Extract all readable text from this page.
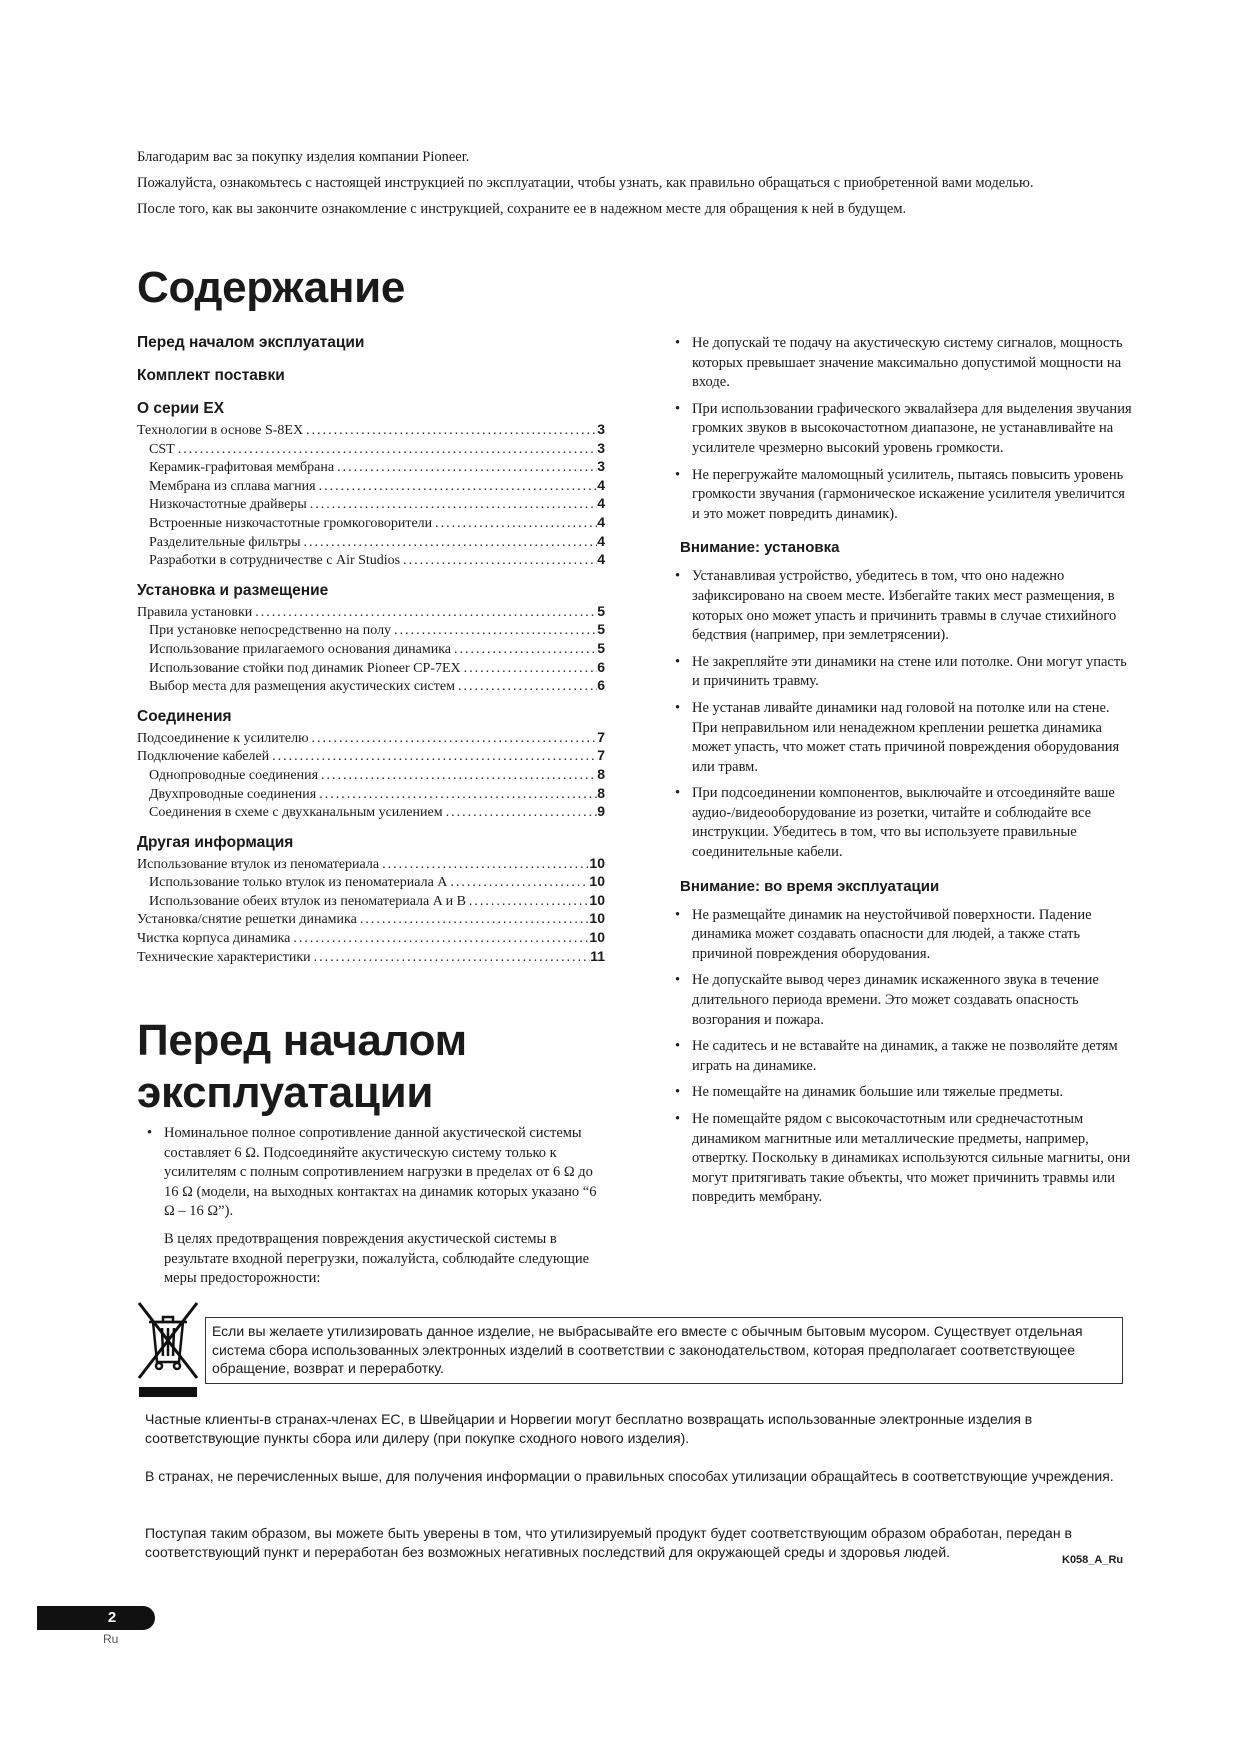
Благодарим вас за покупку изделия компании Pioneer.

Пожалуйста, ознакомьтесь с настоящей инструкцией по эксплуатации, чтобы узнать, как правильно обращаться с приобретенной вами моделью.

После того, как вы закончите ознакомление с инструкцией, сохраните ее в надежном месте для обращения к ней в будущем.

Содержание
Перед началом эксплуатации
Комплект поставки
О серии EX
Технологии в основе S-8EX .....	3
CST .....	3
Керамик-графитовая мембрана .....	3
Мембрана из сплава магния .....	4
Низкочастотные драйверы .....	4
Встроенные низкочастотные громкоговорители .....	4
Разделительные фильтры .....	4
Разработки в сотрудничестве с Air Studios .....	4
Установка и размещение
Правила установки .....	5
При установке непосредственно на полу .....	5
Использование прилагаемого основания динамика .....	5
Использование стойки под динамик Pioneer CP-7EX .....	6
Выбор места для размещения акустических систем .....	6
Соединения
Подсоединение к усилителю .....	7
Подключение кабелей .....	7
Однопроводные соединения .....	8
Двухпроводные соединения .....	8
Соединения в схеме с двухканальным усилением .....	9
Другая информация
Использование втулок из пеноматериала .....	10
Использование только втулок из пеноматериала A .....	10
Использование обеих втулок из пеноматериала A и B .....	10
Установка/снятие решетки динамика .....	10
Чистка корпуса динамика .....	10
Технические характеристики .....	11
Перед началом
эксплуатации
• Номинальное полное сопротивление данной акустической системы составляет 6 Ω. Подсоединяйте акустическую систему только к усилителям с полным сопротивлением нагрузки в пределах от 6 Ω до 16 Ω (модели, на выходных контактах на динамик которых указано “6 Ω – 16 Ω”).

В целях предотвращения повреждения акустической системы в результате входной перегрузки, пожалуйста, соблюдайте следующие меры предосторожности:

• Не допускай те подачу на акустическую систему сигналов, мощность которых превышает значение максимально допустимой мощности на входе.
• При использовании графического эквалайзера для выделения звучания громких звуков в высокочастотном диапазоне, не устанавливайте на усилителе чрезмерно высокий уровень громкости.
• Не перегружайте маломощный усилитель, пытаясь повысить уровень громкости звучания (гармоническое искажение усилителя увеличится и это может повредить динамик).
Внимание: установка
• Устанавливая устройство, убедитесь в том, что оно надежно зафиксировано на своем месте. Избегайте таких мест размещения, в которых оно может упасть и причинить травмы в случае стихийного бедствия (например, при землетрясении).
• Не закрепляйте эти динамики на стене или потолке. Они могут упасть и причинить травму.
• Не устанав ливайте динамики над головой на потолке или на стене. При неправильном или ненадежном креплении решетка динамика может упасть, что может стать причиной повреждения оборудования или травм.
• При подсоединении компонентов, выключайте и отсоединяйте ваше аудио-/видеооборудование из розетки, читайте и соблюдайте все инструкции. Убедитесь в том, что вы используете правильные соединительные кабели.
Внимание: во время эксплуатации
• Не размещайте динамик на неустойчивой поверхности. Падение динамика может создавать опасности для людей, а также стать причиной повреждения оборудования.
• Не допускайте вывод через динамик искаженного звука в течение длительного периода времени. Это может создавать опасность возгорания и пожара.
• Не садитесь и не вставайте на динамик, а также не позволяйте детям играть на динамике.
• Не помещайте на динамик большие или тяжелые предметы.
• Не помещайте рядом с высокочастотным или среднечастотным динамиком магнитные или металлические предметы, например, отвертку. Поскольку в динамиках используются сильные магниты, они могут притягивать такие объекты, что может причинить травмы или повредить мембрану.
Если вы желаете утилизировать данное изделие, не выбрасывайте его вместе с обычным бытовым мусором. Существует отдельная система сбора использованных электронных изделий в соответствии с законодательством, которая предполагает соответствующее обращение, возврат и переработку.

Частные клиенты-в странах-членах ЕС, в Швейцарии и Норвегии могут бесплатно возвращать использованные электронные изделия в соответствующие пункты сбора или дилеру (при покупке сходного нового изделия).

В странах, не перечисленных выше, для получения информации о правильных способах утилизации обращайтесь в соответствующие учреждения.

Поступая таким образом, вы можете быть уверены в том, что утилизируемый продукт будет соответствующим образом обработан, передан в соответствующий пункт и переработан без возможных негативных последствий для окружающей среды и здоровья людей.

K058_A_Ru
2
Ru
